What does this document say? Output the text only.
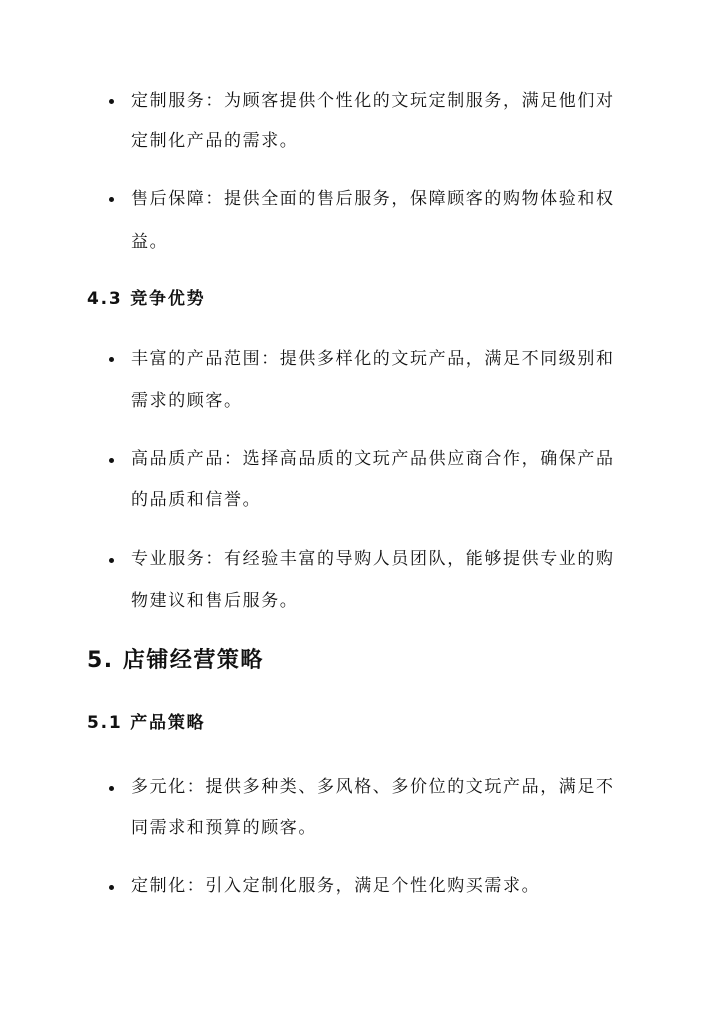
定制服务：为顾客提供个性化的文玩定制服务，满足他们对
定制化产品的需求。
售后保障：提供全面的售后服务，保障顾客的购物体验和权
益。
4.3 竞争优势
丰富的产品范围：提供多样化的文玩产品，满足不同级别和
需求的顾客。
高品质产品：选择高品质的文玩产品供应商合作，确保产品
的品质和信誉。
专业服务：有经验丰富的导购人员团队，能够提供专业的购
物建议和售后服务。
5. 店铺经营策略
5.1 产品策略
多元化：提供多种类、多风格、多价位的文玩产品，满足不
同需求和预算的顾客。
定制化：引入定制化服务，满足个性化购买需求。
